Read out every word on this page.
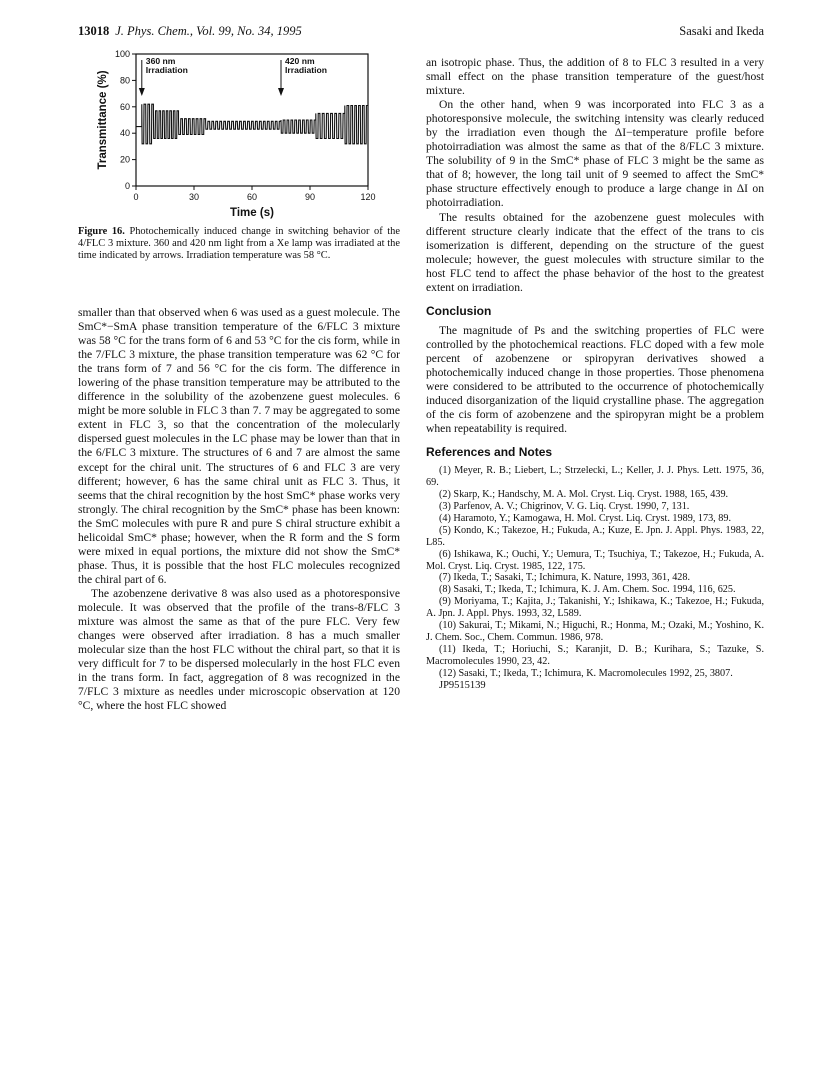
13018 J. Phys. Chem., Vol. 99, No. 34, 1995	Sasaki and Ikeda
0
20
40
60
80
100
0	30	60	90	120
Time (s)
Transmittance (%)
360 nm
Irradiation
420 nm
Irradiation
Figure 16. Photochemically induced change in switching behavior of the 4/FLC 3 mixture. 360 and 420 nm light from a Xe lamp was irradiated at the time indicated by arrows. Irradiation temperature was 58 °C.

smaller than that observed when 6 was used as a guest molecule. The SmC*−SmA phase transition temperature of the 6/FLC 3 mixture was 58 °C for the trans form of 6 and 53 °C for the cis form, while in the 7/FLC 3 mixture, the phase transition temperature was 62 °C for the trans form of 7 and 56 °C for the cis form. The difference in lowering of the phase transition temperature may be attributed to the difference in the solubility of the azobenzene guest molecules. 6 might be more soluble in FLC 3 than 7. 7 may be aggregated to some extent in FLC 3, so that the concentration of the molecularly dispersed guest molecules in the LC phase may be lower than that in the 6/FLC 3 mixture. The structures of 6 and 7 are almost the same except for the chiral unit. The structures of 6 and FLC 3 are very different; however, 6 has the same chiral unit as FLC 3. Thus, it seems that the chiral recognition by the host SmC* phase works very strongly. The chiral recognition by the SmC* phase has been known: the SmC molecules with pure R and pure S chiral structure exhibit a helicoidal SmC* phase; however, when the R form and the S form were mixed in equal portions, the mixture did not show the SmC* phase. Thus, it is possible that the host FLC molecules recognized the chiral part of 6.

The azobenzene derivative 8 was also used as a photoresponsive molecule. It was observed that the profile of the trans-8/FLC 3 mixture was almost the same as that of the pure FLC. Very few changes were observed after irradiation. 8 has a much smaller molecular size than the host FLC without the chiral part, so that it is very difficult for 7 to be dispersed molecularly in the host FLC even in the trans form. In fact, aggregation of 8 was recognized in the 7/FLC 3 mixture as needles under microscopic observation at 120 °C, where the host FLC showed

an isotropic phase. Thus, the addition of 8 to FLC 3 resulted in a very small effect on the phase transition temperature of the guest/host mixture.

On the other hand, when 9 was incorporated into FLC 3 as a photoresponsive molecule, the switching intensity was clearly reduced by the irradiation even though the ΔI−temperature profile before photoirradiation was almost the same as that of the 8/FLC 3 mixture. The solubility of 9 in the SmC* phase of FLC 3 might be the same as that of 8; however, the long tail unit of 9 seemed to affect the SmC* phase structure effectively enough to produce a large change in ΔI on photoirradiation.

The results obtained for the azobenzene guest molecules with different structure clearly indicate that the effect of the trans to cis isomerization is different, depending on the structure of the guest molecule; however, the guest molecules with structure similar to the host FLC tend to affect the phase behavior of the host to the greatest extent on irradiation.

Conclusion

The magnitude of Ps and the switching properties of FLC were controlled by the photochemical reactions. FLC doped with a few mole percent of azobenzene or spiropyran derivatives showed a photochemically induced change in those properties. Those phenomena were considered to be attributed to the occurrence of photochemically induced disorganization of the liquid crystalline phase. The aggregation of the cis form of azobenzene and the spiropyran might be a problem when repeatability is required.

References and Notes

(1) Meyer, R. B.; Liebert, L.; Strzelecki, L.; Keller, J. J. Phys. Lett. 1975, 36, 69.

(2) Skarp, K.; Handschy, M. A. Mol. Cryst. Liq. Cryst. 1988, 165, 439.

(3) Parfenov, A. V.; Chigrinov, V. G. Liq. Cryst. 1990, 7, 131.

(4) Haramoto, Y.; Kamogawa, H. Mol. Cryst. Liq. Cryst. 1989, 173, 89.

(5) Kondo, K.; Takezoe, H.; Fukuda, A.; Kuze, E. Jpn. J. Appl. Phys. 1983, 22, L85.

(6) Ishikawa, K.; Ouchi, Y.; Uemura, T.; Tsuchiya, T.; Takezoe, H.; Fukuda, A. Mol. Cryst. Liq. Cryst. 1985, 122, 175.

(7) Ikeda, T.; Sasaki, T.; Ichimura, K. Nature, 1993, 361, 428.

(8) Sasaki, T.; Ikeda, T.; Ichimura, K. J. Am. Chem. Soc. 1994, 116, 625.

(9) Moriyama, T.; Kajita, J.; Takanishi, Y.; Ishikawa, K.; Takezoe, H.; Fukuda, A. Jpn. J. Appl. Phys. 1993, 32, L589.

(10) Sakurai, T.; Mikami, N.; Higuchi, R.; Honma, M.; Ozaki, M.; Yoshino, K. J. Chem. Soc., Chem. Commun. 1986, 978.

(11) Ikeda, T.; Horiuchi, S.; Karanjit, D. B.; Kurihara, S.; Tazuke, S. Macromolecules 1990, 23, 42.

(12) Sasaki, T.; Ikeda, T.; Ichimura, K. Macromolecules 1992, 25, 3807.

JP9515139
